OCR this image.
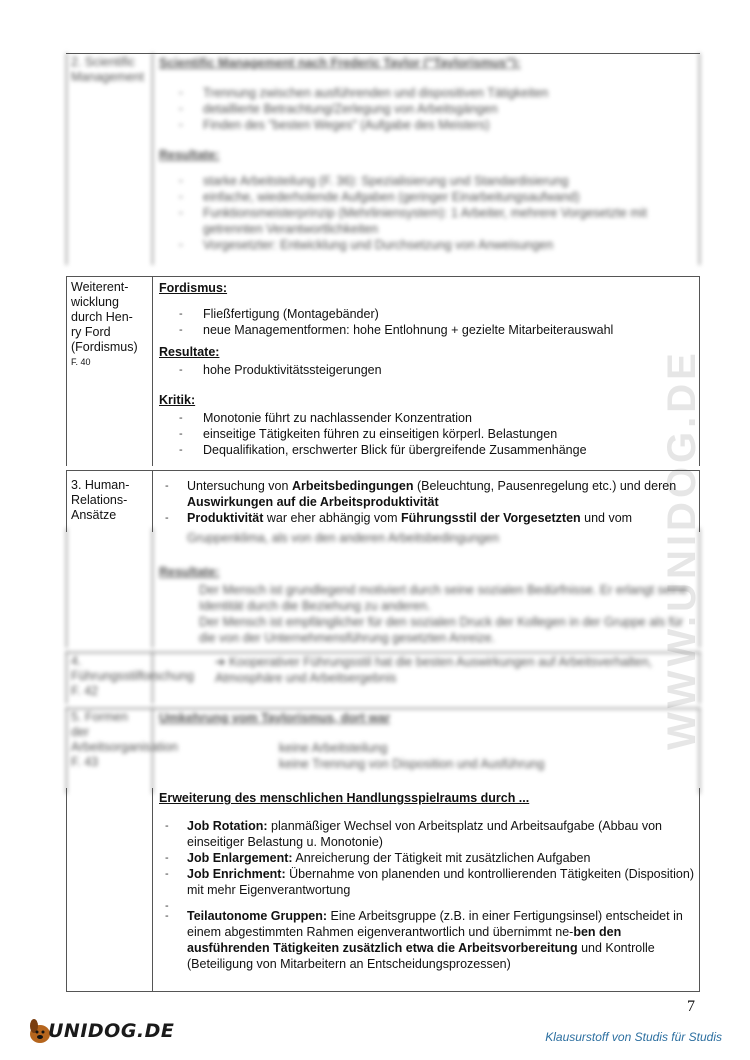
WWW.UNIDOG.DE
2. Scientific Management
Scientific Management nach Frederic Taylor ("Taylorismus"):
- Trennung zwischen ausführenden und dispositiven Tätigkeiten
- detaillierte Betrachtung/Zerlegung von Arbeitsgängen
- Finden des "besten Weges" (Aufgabe des Meisters)
Resultate:
- starke Arbeitsteilung (F. 36): Spezialisierung und Standardisierung
- einfache, wiederholende Aufgaben (geringer Einarbeitungsaufwand)
- Funktionsmeisterprinzip (Mehrliniensystem): 1 Arbeiter, mehrere Vorgesetzte mit getrennten Verantwortlichkeiten
- Vorgesetzter: Entwicklung und Durchsetzung von Anweisungen
Weiterent-
wicklung
durch Hen-
ry Ford
(Fordismus)
F. 40
Fordismus:
- Fließfertigung (Montagebänder)
- neue Managementformen: hohe Entlohnung + gezielte Mitarbeiterauswahl
Resultate:
- hohe Produktivitätssteigerungen
Kritik:
- Monotonie führt zu nachlassender Konzentration
- einseitige Tätigkeiten führen zu einseitigen körperl. Belastungen
- Dequalifikation, erschwerter Blick für übergreifende Zusammenhänge
3. Human-
Relations-
Ansätze
- Untersuchung von Arbeitsbedingungen (Beleuchtung, Pausenregelung etc.) und deren Auswirkungen auf die Arbeitsproduktivität
- Produktivität war eher abhängig vom Führungsstil der Vorgesetzten und vom
Gruppenklima, als von den anderen Arbeitsbedingungen
Resultate:
Der Mensch ist grundlegend motiviert durch seine sozialen Bedürfnisse. Er erlangt seine Identität durch die Beziehung zu anderen.
Der Mensch ist empfänglicher für den sozialen Druck der Kollegen in der Gruppe als für die von der Unternehmensführung gesetzten Anreize.
4. Führungsstilforschung F. 42
➔ Kooperativer Führungsstil hat die besten Auswirkungen auf Arbeitsverhalten, Atmosphäre und Arbeitsergebnis
5. Formen der Arbeitsorganisation F. 43
Umkehrung vom Taylorismus, dort war
keine Arbeitsteilung
keine Trennung von Disposition und Ausführung
Erweiterung des menschlichen Handlungsspielraums durch ...
- Job Rotation: planmäßiger Wechsel von Arbeitsplatz und Arbeitsaufgabe (Abbau von einseitiger Belastung u. Monotonie)
- Job Enlargement: Anreicherung der Tätigkeit mit zusätzlichen Aufgaben
- Job Enrichment: Übernahme von planenden und kontrollierenden Tätigkeiten (Disposition) mit mehr Eigenverantwortung
-
- Teilautonome Gruppen: Eine Arbeitsgruppe (z.B. in einer Fertigungsinsel) entscheidet in einem abgestimmten Rahmen eigenverantwortlich und übernimmt ne-ben den ausführenden Tätigkeiten zusätzlich etwa die Arbeitsvorbereitung und Kontrolle (Beteiligung von Mitarbeitern an Entscheidungsprozessen)
7
UNIDOG.DE	Klausurstoff von Studis für Studis
